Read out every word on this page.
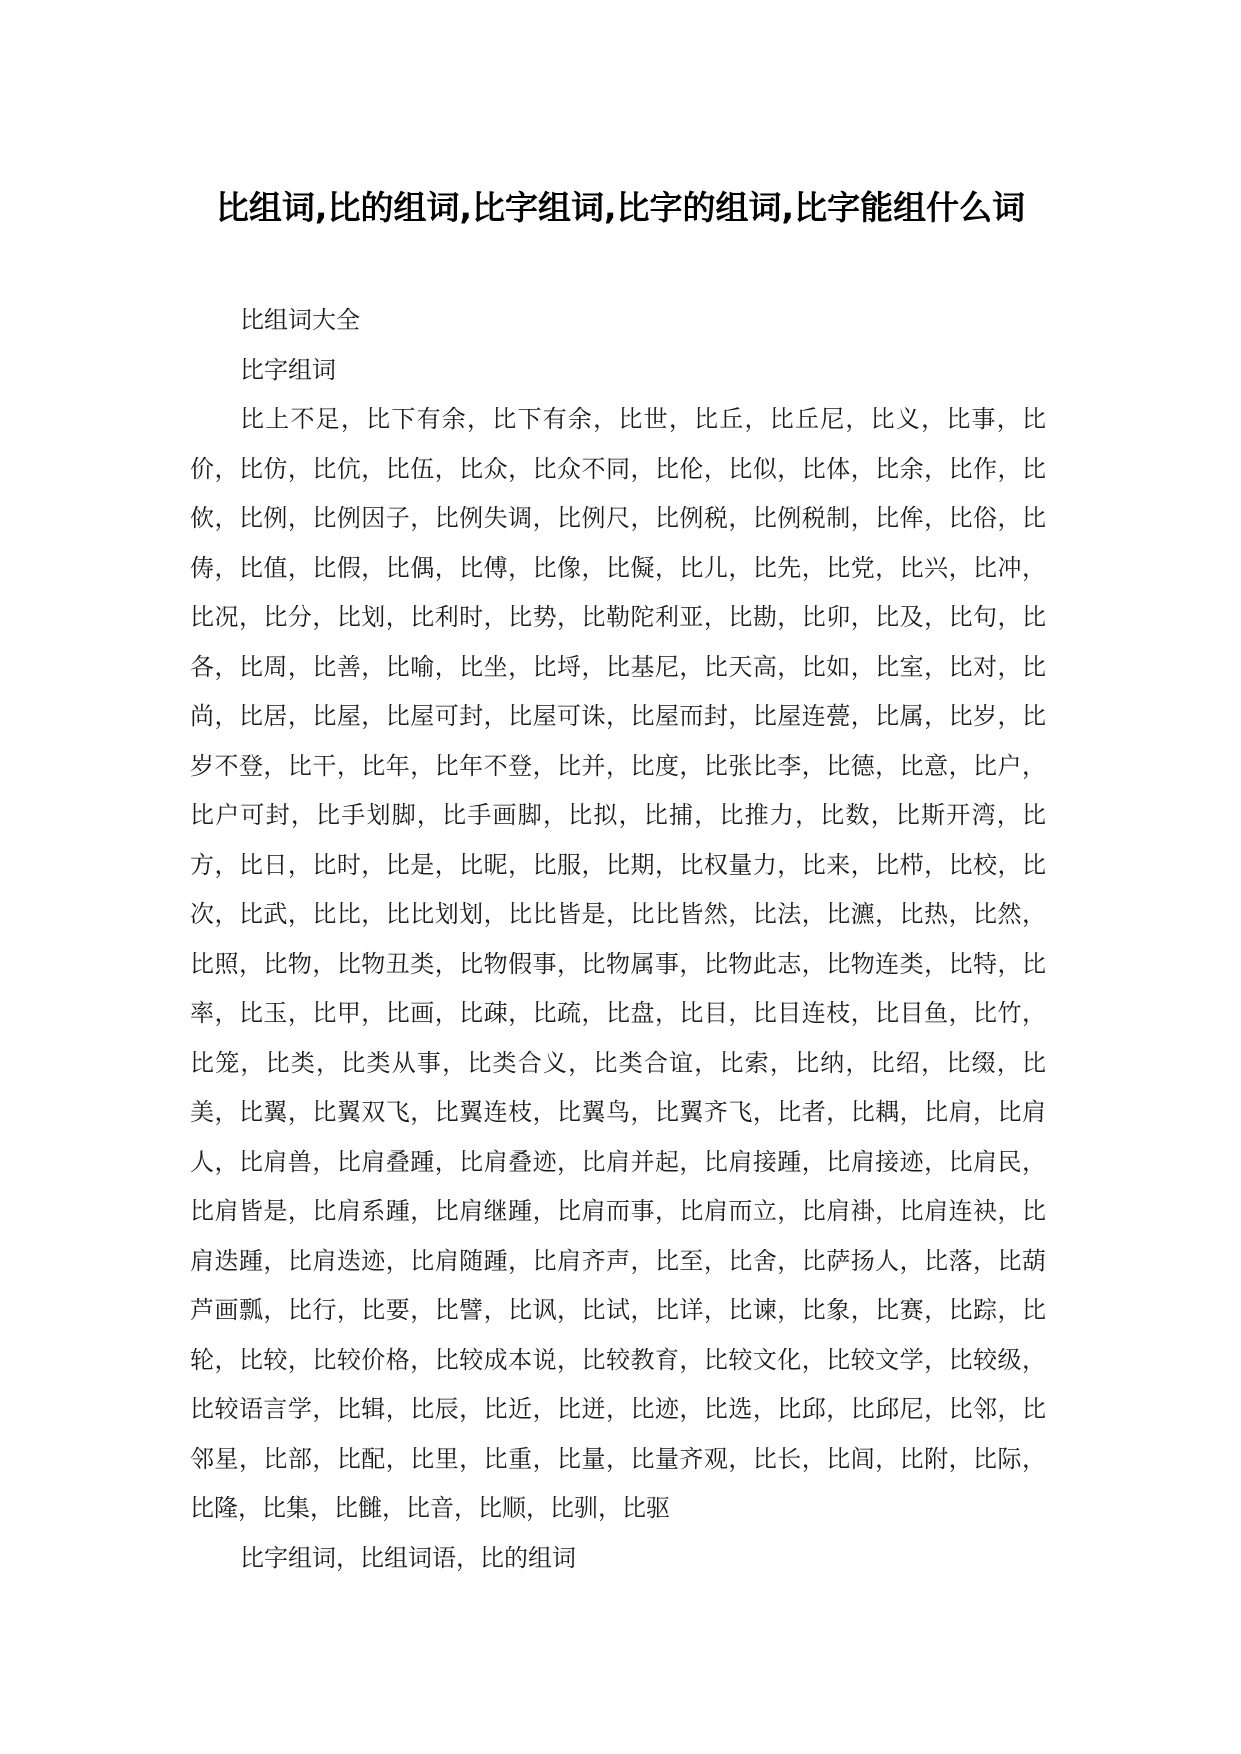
比组词,比的组词,比字组词,比字的组词,比字能组什么词

比组词大全

比字组词

比上不足，比下有余，比下有余，比世，比丘，比丘尼，比义，比事，比价，比仿，比伉，比伍，比众，比众不同，比伦，比似，比体，比余，比作，比佽，比例，比例因子，比例失调，比例尺，比例税，比例税制，比侔，比俗，比俦，比值，比假，比偶，比傅，比像，比儗，比儿，比先，比党，比兴，比冲，比况，比分，比划，比利时，比势，比勒陀利亚，比勘，比卯，比及，比句，比各，比周，比善，比喻，比坐，比埒，比基尼，比天高，比如，比室，比对，比尚，比居，比屋，比屋可封，比屋可诛，比屋而封，比屋连甍，比属，比岁，比岁不登，比干，比年，比年不登，比并，比度，比张比李，比德，比意，比户，比户可封，比手划脚，比手画脚，比拟，比捕，比推力，比数，比斯开湾，比方，比日，比时，比是，比昵，比服，比期，比权量力，比来，比栉，比校，比次，比武，比比，比比划划，比比皆是，比比皆然，比法，比瀌，比热，比然，比照，比物，比物丑类，比物假事，比物属事，比物此志，比物连类，比特，比率，比玉，比甲，比画，比疎，比疏，比盘，比目，比目连枝，比目鱼，比竹，比笼，比类，比类从事，比类合义，比类合谊，比索，比纳，比绍，比缀，比美，比翼，比翼双飞，比翼连枝，比翼鸟，比翼齐飞，比者，比耦，比肩，比肩人，比肩兽，比肩叠踵，比肩叠迹，比肩并起，比肩接踵，比肩接迹，比肩民，比肩皆是，比肩系踵，比肩继踵，比肩而事，比肩而立，比肩褂，比肩连袂，比肩迭踵，比肩迭迹，比肩随踵，比肩齐声，比至，比舍，比萨扬人，比落，比葫芦画瓢，比行，比要，比譬，比讽，比试，比详，比谏，比象，比赛，比踪，比轮，比较，比较价格，比较成本说，比较教育，比较文化，比较文学，比较级，比较语言学，比辑，比辰，比近，比迸，比迹，比选，比邱，比邱尼，比邻，比邻星，比部，比配，比里，比重，比量，比量齐观，比长，比闾，比附，比际，比隆，比集，比雠，比音，比顺，比驯，比驱

比字组词，比组词语，比的组词
